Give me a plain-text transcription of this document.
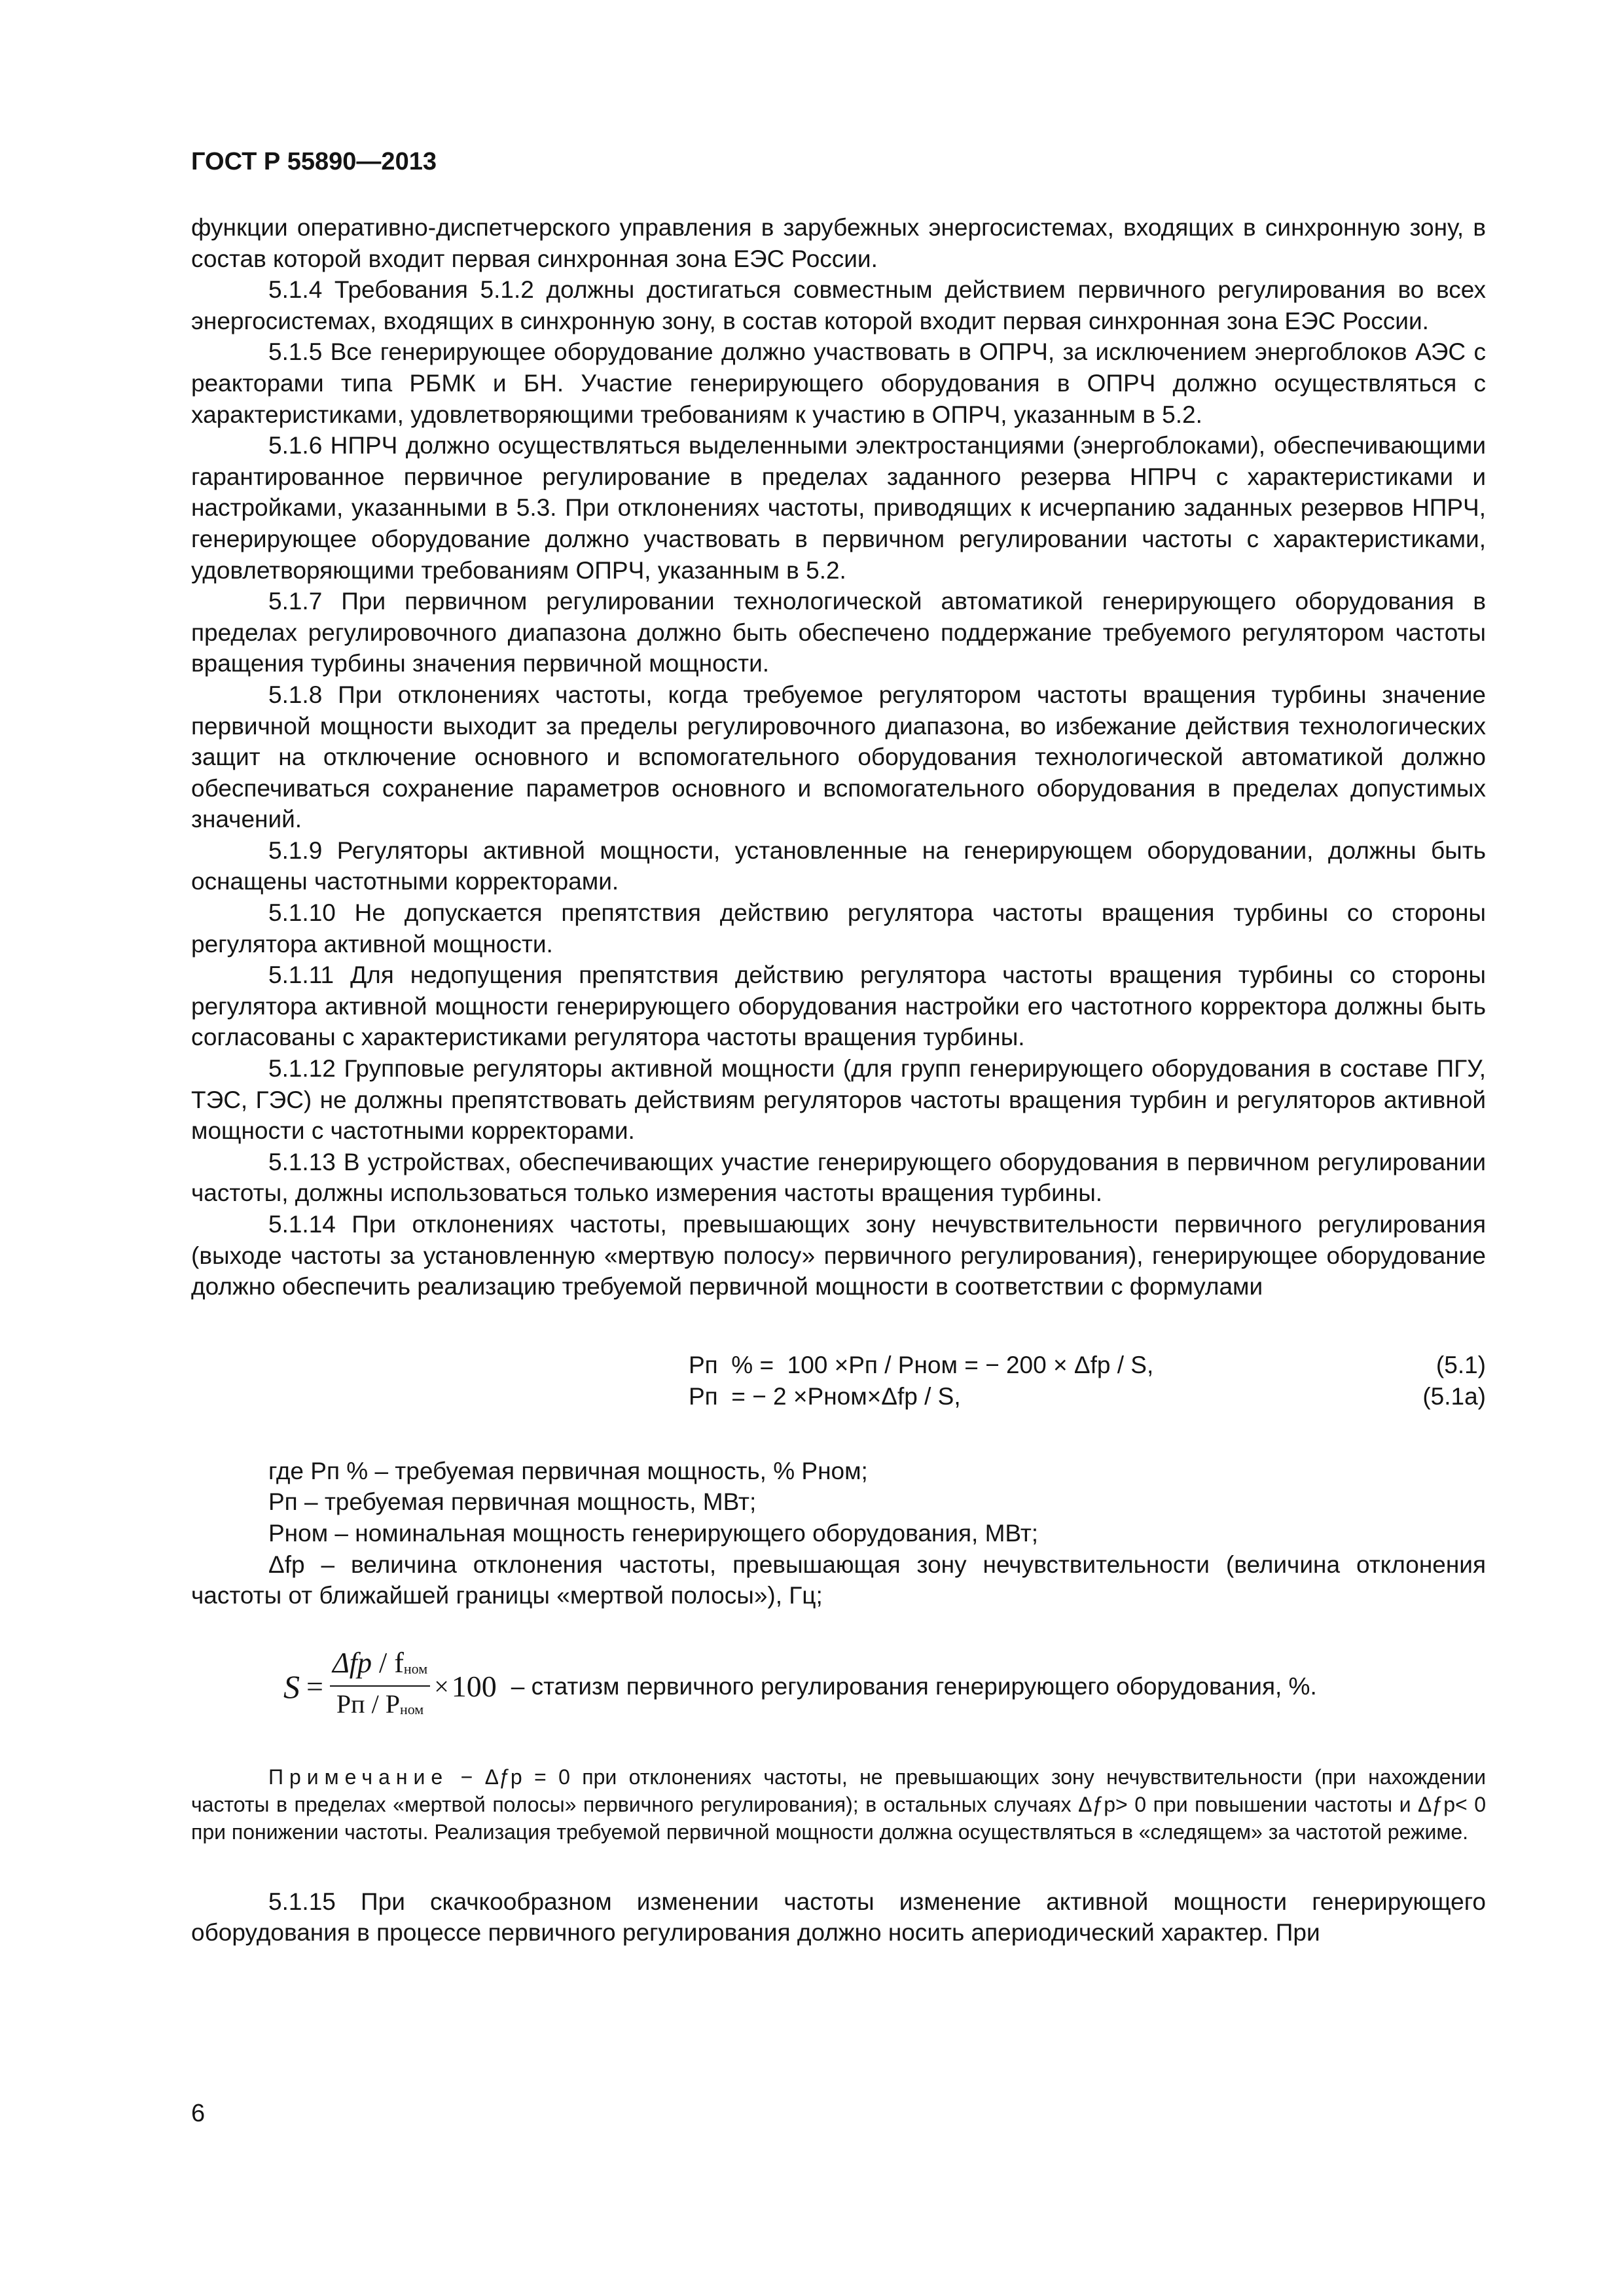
ГОСТ Р 55890—2013

функции оперативно-диспетчерского управления в зарубежных энергосистемах, входящих в синхронную зону, в состав которой входит первая синхронная зона ЕЭС России.

5.1.4 Требования 5.1.2 должны достигаться совместным действием первичного регулирования во всех энергосистемах, входящих в синхронную зону, в состав которой входит первая синхронная зона ЕЭС России.

5.1.5 Все генерирующее оборудование должно участвовать в ОПРЧ, за исключением энергоблоков АЭС с реакторами типа РБМК и БН. Участие генерирующего оборудования в ОПРЧ должно осуществляться с характеристиками, удовлетворяющими требованиям к участию в ОПРЧ, указанным в 5.2.

5.1.6 НПРЧ должно осуществляться выделенными электростанциями (энергоблоками), обеспечивающими гарантированное первичное регулирование в пределах заданного резерва НПРЧ с характеристиками и настройками, указанными в 5.3. При отклонениях частоты, приводящих к исчерпанию заданных резервов НПРЧ, генерирующее оборудование должно участвовать в первичном регулировании частоты с характеристиками, удовлетворяющими требованиям ОПРЧ, указанным в 5.2.

5.1.7 При первичном регулировании технологической автоматикой генерирующего оборудования в пределах регулировочного диапазона должно быть обеспечено поддержание требуемого регулятором частоты вращения турбины значения первичной мощности.

5.1.8 При отклонениях частоты, когда требуемое регулятором частоты вращения турбины значение первичной мощности выходит за пределы регулировочного диапазона, во избежание действия технологических защит на отключение основного и вспомогательного оборудования технологической автоматикой должно обеспечиваться сохранение параметров основного и вспомогательного оборудования в пределах допустимых значений.

5.1.9 Регуляторы активной мощности, установленные на генерирующем оборудовании, должны быть оснащены частотными корректорами.

5.1.10 Не допускается препятствия действию регулятора частоты вращения турбины со стороны регулятора активной мощности.

5.1.11 Для недопущения препятствия действию регулятора частоты вращения турбины со стороны регулятора активной мощности генерирующего оборудования настройки его частотного корректора должны быть согласованы с характеристиками регулятора частоты вращения турбины.

5.1.12 Групповые регуляторы активной мощности (для групп генерирующего оборудования в составе ПГУ, ТЭС, ГЭС) не должны препятствовать действиям регуляторов частоты вращения турбин и регуляторов активной мощности с частотными корректорами.

5.1.13 В устройствах, обеспечивающих участие генерирующего оборудования в первичном регулировании частоты, должны использоваться только измерения частоты вращения турбины.

5.1.14 При отклонениях частоты, превышающих зону нечувствительности первичного регулирования (выходе частоты за установленную «мертвую полосу» первичного регулирования), генерирующее оборудование должно обеспечить реализацию требуемой первичной мощности в соответствии с формулами

Рп  % =  100 ×Рп / Рном = − 200 × Δfp / S,	(5.1)
Рп  = − 2 ×Рном×Δfp / S,	(5.1а)

где Рп % – требуемая первичная мощность, % Рном;

Рп – требуемая первичная мощность, МВт;

Рном – номинальная мощность генерирующего оборудования, МВт;

Δfp – величина отклонения частоты, превышающая зону нечувствительности (величина отклонения частоты от ближайшей границы «мертвой полосы»), Гц;

$S = \frac{\text{Δfp / fном}}{\text{Рп / Рном}} \times 100$ – статизм первичного регулирования генерирующего оборудования, %.

Примечание − Δƒр = 0 при отклонениях частоты, не превышающих зону нечувствительности (при нахождении частоты в пределах «мертвой полосы» первичного регулирования); в остальных случаях Δƒр> 0 при повышении частоты и Δƒр< 0 при понижении частоты. Реализация требуемой первичной мощности должна осуществляться в «следящем» за частотой режиме.

5.1.15 При скачкообразном изменении частоты изменение активной мощности генерирующего оборудования в процессе первичного регулирования должно носить апериодический характер. При

6
